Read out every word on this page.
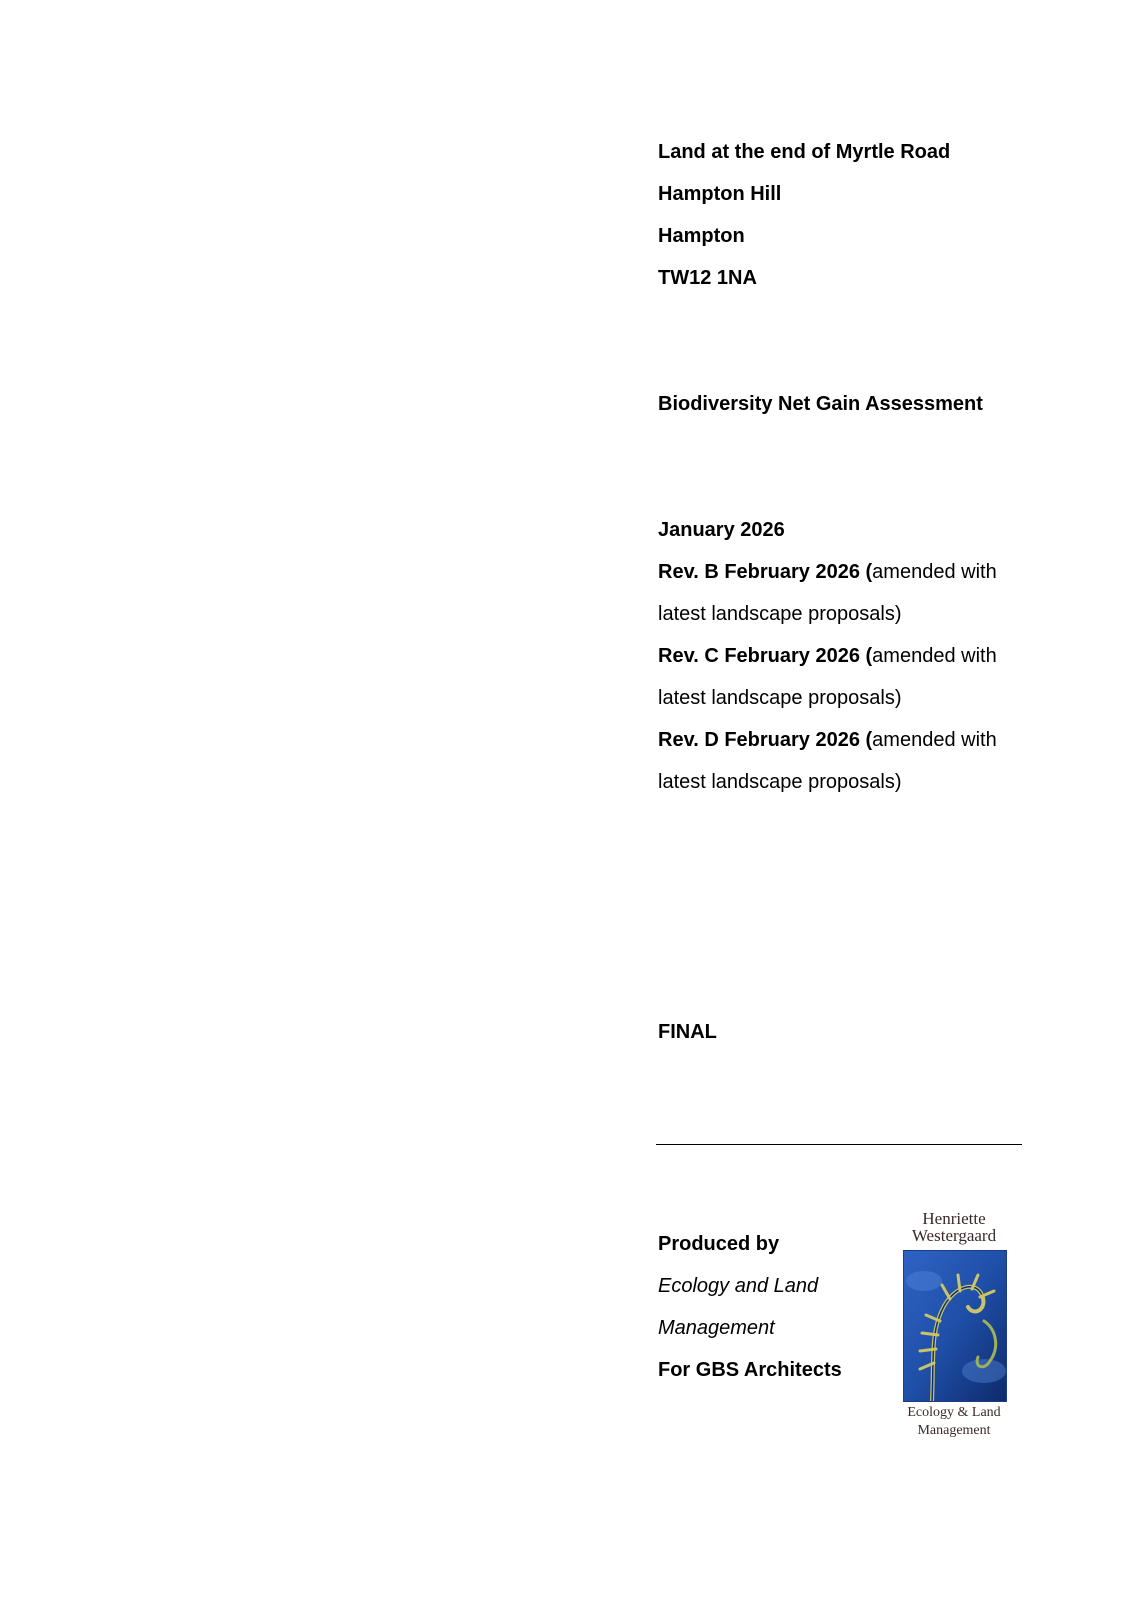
Land at the end of Myrtle Road
Hampton Hill
Hampton
TW12 1NA
Biodiversity Net Gain Assessment
January 2026
Rev. B February 2026 (amended with
latest landscape proposals)
Rev. C February 2026 (amended with
latest landscape proposals)
Rev. D February 2026 (amended with
latest landscape proposals)
FINAL
Produced by
Ecology and Land
Management
For GBS Architects
Henriette
Westergaard
Ecology & Land
Management
